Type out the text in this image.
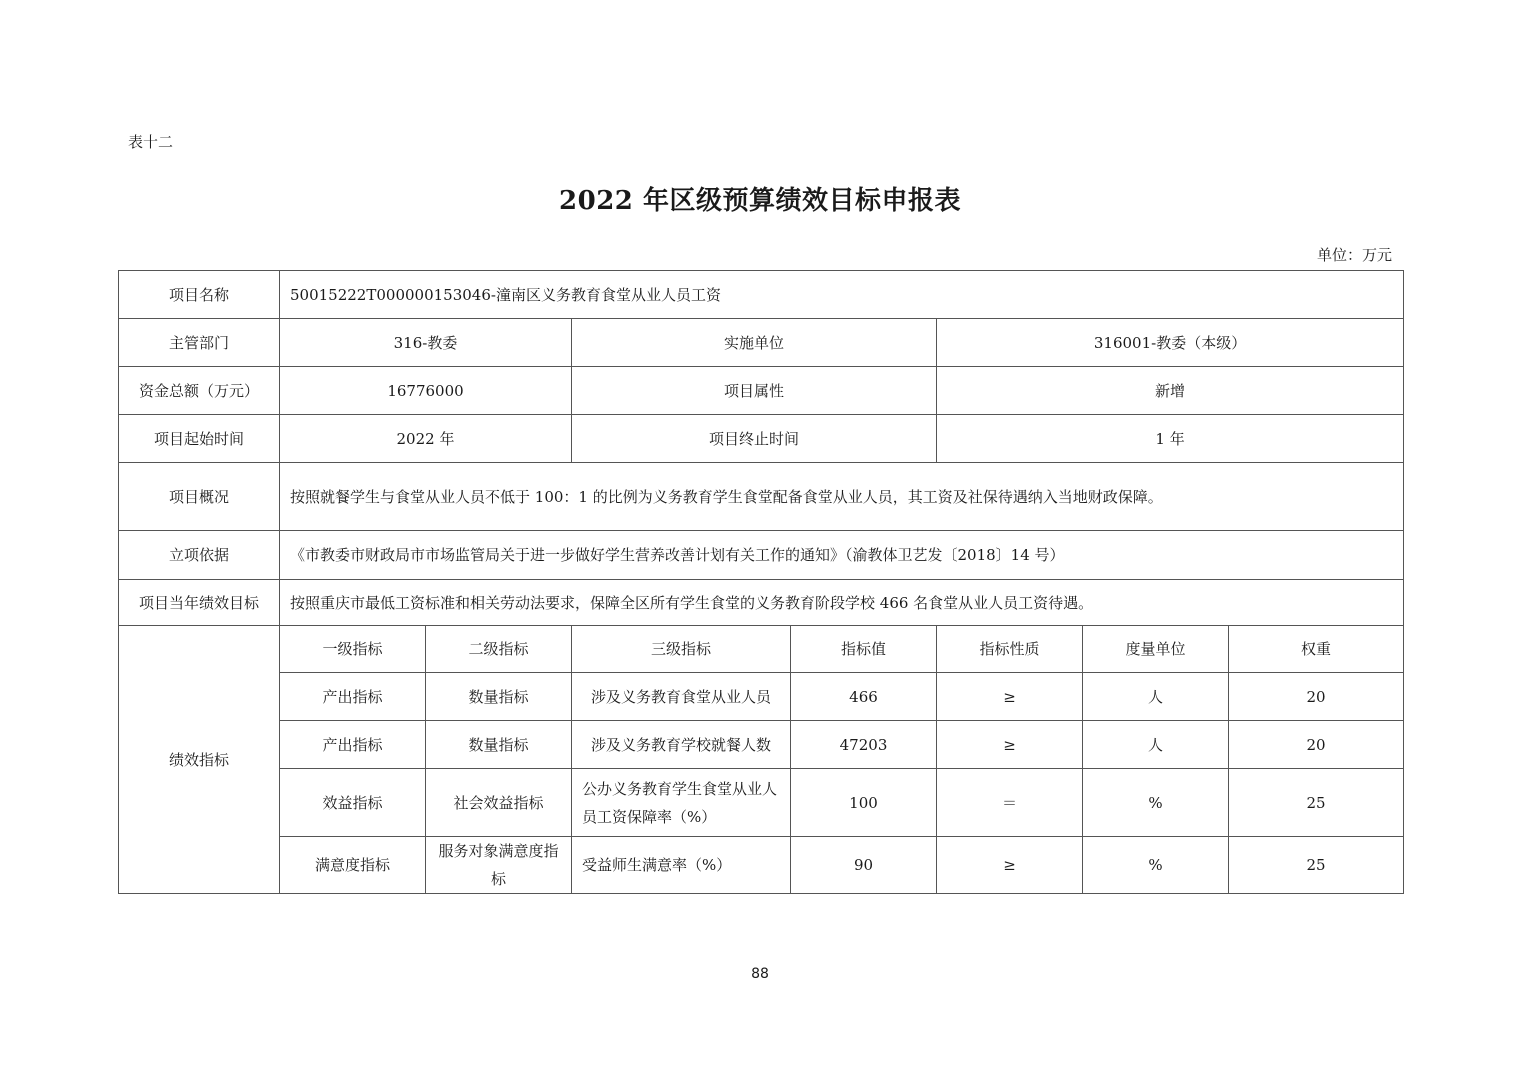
表十二
2022 年区级预算绩效目标申报表
单位：万元
项目名称	50015222T000000153046-潼南区义务教育食堂从业人员工资						
主管部门	316-教委		实施单位		316001-教委（本级）		
资金总额（万元）	16776000		项目属性		新增		
项目起始时间	2022 年		项目终止时间		1 年		
项目概况	按照就餐学生与食堂从业人员不低于 100：1 的比例为义务教育学生食堂配备食堂从业人员，其工资及社保待遇纳入当地财政保障。						
立项依据	《市教委市财政局市市场监管局关于进一步做好学生营养改善计划有关工作的通知》（渝教体卫艺发〔2018〕14 号）						
项目当年绩效目标	按照重庆市最低工资标准和相关劳动法要求，保障全区所有学生食堂的义务教育阶段学校 466 名食堂从业人员工资待遇。						
绩效指标	一级指标	二级指标	三级指标	指标值	指标性质	度量单位	权重
	产出指标	数量指标	涉及义务教育食堂从业人员	466	≥	人	20
	产出指标	数量指标	涉及义务教育学校就餐人数	47203	≥	人	20
	效益指标	社会效益指标	公办义务教育学生食堂从业人员工资保障率（%）	100	＝	%	25
	满意度指标	服务对象满意度指标	受益师生满意率（%）	90	≥	%	25
88
